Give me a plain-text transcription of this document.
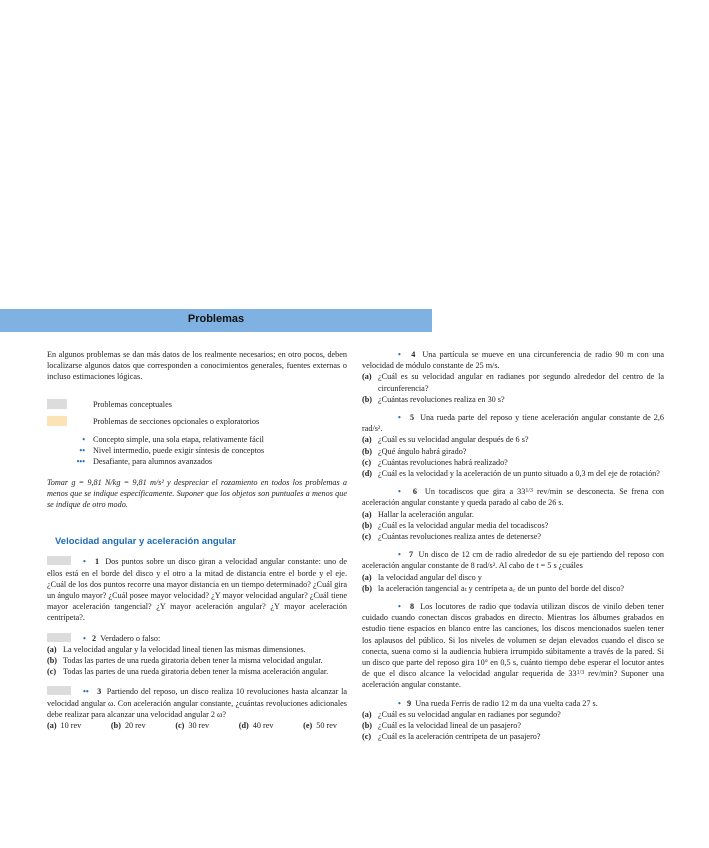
Problemas

En algunos problemas se dan más datos de los realmente necesarios; en otro pocos, deben localizarse algunos datos que corresponden a conocimientos generales, fuentes externas o incluso estimaciones lógicas.

Problemas conceptuales
Problemas de secciones opcionales o exploratorios
• Concepto simple, una sola etapa, relativamente fácil
•• Nivel intermedio, puede exigir síntesis de conceptos
••• Desafiante, para alumnos avanzados

Tomar g = 9,81 N/kg = 9,81 m/s² y despreciar el rozamiento en todos los problemas a menos que se indique específicamente. Suponer que los objetos son puntuales a menos que se indique de otro modo.

Velocidad angular y aceleración angular

• 1 Dos puntos sobre un disco giran a velocidad angular constante: uno de ellos está en el borde del disco y el otro a la mitad de distancia entre el borde y el eje. ¿Cuál de los dos puntos recorre una mayor distancia en un tiempo determinado? ¿Cuál gira un ángulo mayor? ¿Cuál posee mayor velocidad? ¿Y mayor velocidad angular? ¿Cuál tiene mayor aceleración tangencial? ¿Y mayor aceleración angular? ¿Y mayor aceleración centrípeta?.

• 2 Verdadero o falso:

(a) La velocidad angular y la velocidad lineal tienen las mismas dimensiones.
(b) Todas las partes de una rueda giratoria deben tener la misma velocidad angular.
(c) Todas las partes de una rueda giratoria deben tener la misma aceleración angular.

•• 3 Partiendo del reposo, un disco realiza 10 revoluciones hasta alcanzar la velocidad angular ω. Con aceleración angular constante, ¿cuántas revoluciones adicionales debe realizar para alcanzar una velocidad angular 2 ω?

(a) 10 rev	(b) 20 rev	(c) 30 rev	(d) 40 rev	(e) 50 rev

• 4 Una partícula se mueve en una circunferencia de radio 90 m con una velocidad de módulo constante de 25 m/s.

(a) ¿Cuál es su velocidad angular en radianes por segundo alrededor del centro de la circunferencia?
(b) ¿Cuántas revoluciones realiza en 30 s?

• 5 Una rueda parte del reposo y tiene aceleración angular constante de 2,6 rad/s².

(a) ¿Cuál es su velocidad angular después de 6 s?
(b) ¿Qué ángulo habrá girado?
(c) ¿Cuántas revoluciones habrá realizado?
(d) ¿Cuál es la velocidad y la aceleración de un punto situado a 0,3 m del eje de rotación?

• 6 Un tocadiscos que gira a $33^{1/3}$ rev/min se desconecta. Se frena con aceleración angular constante y queda parado al cabo de 26 s.

(a) Hallar la aceleración angular.
(b) ¿Cuál es la velocidad angular media del tocadiscos?
(c) ¿Cuántas revoluciones realiza antes de detenerse?

• 7 Un disco de 12 cm de radio alrededor de su eje partiendo del reposo con aceleración angular constante de 8 rad/s². Al cabo de t = 5 s ¿cuáles

(a) la velocidad angular del disco y
(b) la aceleración tangencial aₜ y centrípeta a꜀ de un punto del borde del disco?

• 8 Los locutores de radio que todavía utilizan discos de vinilo deben tener cuidado cuando conectan discos grabados en directo. Mientras los álbumes grabados en estudio tiene espacios en blanco entre las canciones, los discos mencionados suelen tener los aplausos del público. Si los niveles de volumen se dejan elevados cuando el disco se conecta, suena como si la audiencia hubiera irrumpido súbitamente a través de la pared. Si un disco que parte del reposo gira 10° en 0,5 s, cuánto tiempo debe esperar el locutor antes de que el disco alcance la velocidad angular requerida de $33^{1/3}$ rev/min? Suponer una aceleración angular constante.

• 9 Una rueda Ferris de radio 12 m da una vuelta cada 27 s.

(a) ¿Cuál es su velocidad angular en radianes por segundo?
(b) ¿Cuál es la velocidad lineal de un pasajero?
(c) ¿Cuál es la aceleración centrípeta de un pasajero?
